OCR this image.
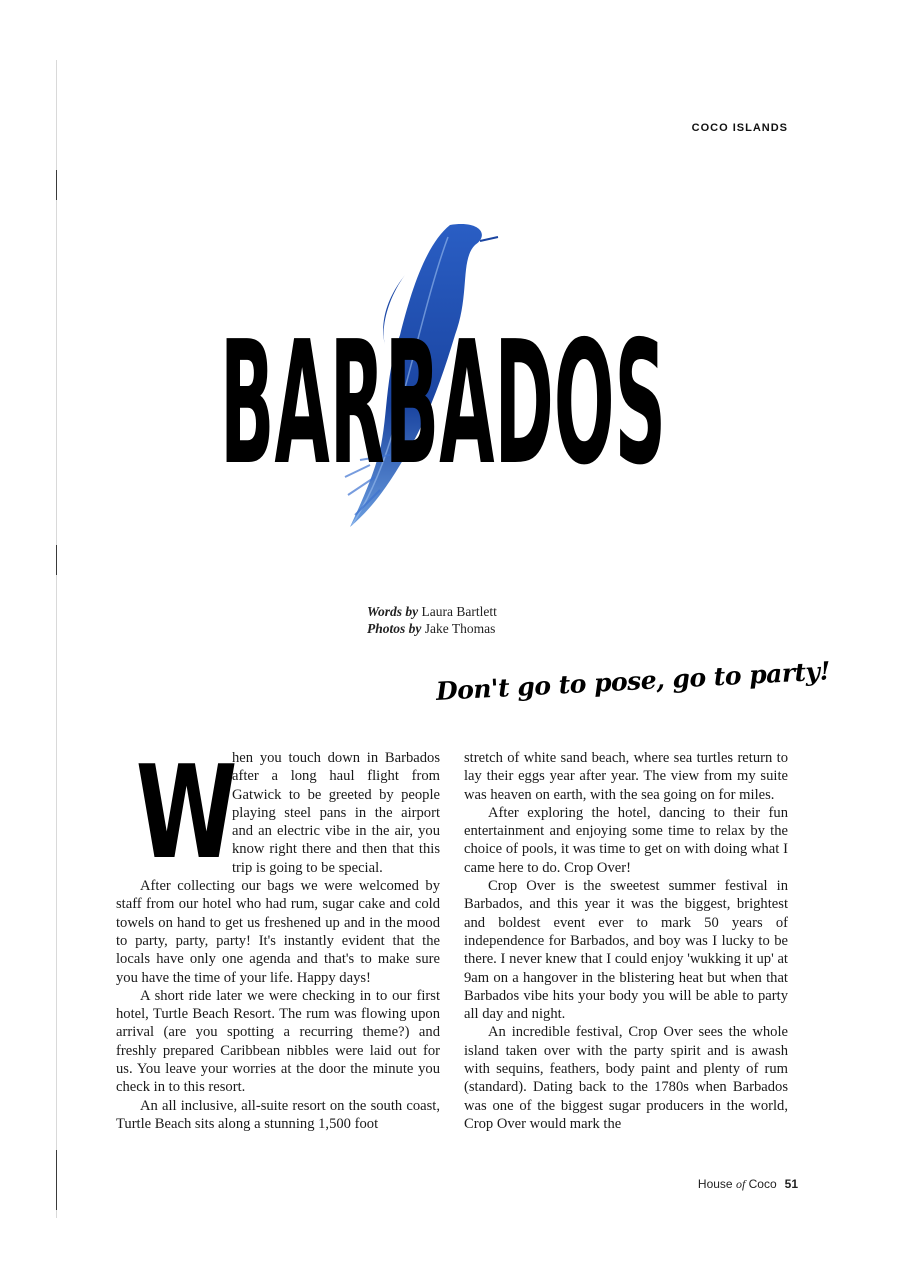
COCO ISLANDS
BARBADOS
Don't go to pose, go to party!
Words by Laura Bartlett
Photos by Jake Thomas
W

hen you touch down in Barbados after a long haul flight from Gatwick to be greeted by people playing steel pans in the airport and an electric vibe in the air, you know right there and then that this trip is going to be special.

After collecting our bags we were welcomed by staff from our hotel who had rum, sugar cake and cold towels on hand to get us freshened up and in the mood to party, party, party! It's instantly evident that the locals have only one agenda and that's to make sure you have the time of your life. Happy days!

A short ride later we were checking in to our first hotel, Turtle Beach Resort. The rum was flowing upon arrival (are you spotting a recurring theme?) and freshly prepared Caribbean nibbles were laid out for us. You leave your worries at the door the minute you check in to this resort.

An all inclusive, all-suite resort on the south coast, Turtle Beach sits along a stunning 1,500 foot

stretch of white sand beach, where sea turtles return to lay their eggs year after year. The view from my suite was heaven on earth, with the sea going on for miles.

After exploring the hotel, dancing to their fun entertainment and enjoying some time to relax by the choice of pools, it was time to get on with doing what I came here to do. Crop Over!

Crop Over is the sweetest summer festival in Barbados, and this year it was the biggest, brightest and boldest event ever to mark 50 years of independence for Barbados, and boy was I lucky to be there. I never knew that I could enjoy 'wukking it up' at 9am on a hangover in the blistering heat but when that Barbados vibe hits your body you will be able to party all day and night.

An incredible festival, Crop Over sees the whole island taken over with the party spirit and is awash with sequins, feathers, body paint and plenty of rum (standard). Dating back to the 1780s when Barbados was one of the biggest sugar producers in the world, Crop Over would mark the

House of Coco 51
